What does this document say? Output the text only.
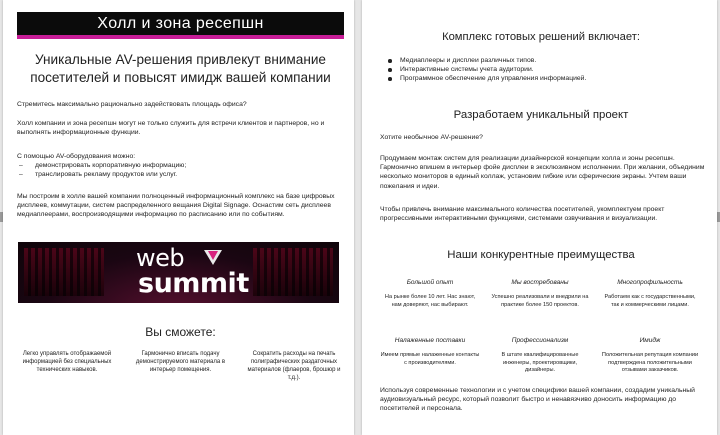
Холл и зона ресепшн
Уникальные AV-решения привлекут внимание посетителей и повысят имидж вашей компании
Стремитесь максимально рационально задействовать площадь офиса?
Холл компании и зона ресепшн могут не только служить для встречи клиентов и партнеров, но и выполнять информационные функции.
С помощью AV-оборудования можно:
– демонстрировать корпоративную информацию;
– транслировать рекламу продуктов или услуг.
Мы построим в холле вашей компании полноценный информационный комплекс на базе цифровых дисплеев, коммутации, систем распределенного вещания Digital Signage. Оснастим сеть дисплеев медиаплеерами, воспроизводящими информацию по расписанию или по событиям.
web
summit
Вы сможете:
Легко управлять отображаемой информацией без специальных технических навыков.
Гармонично вписать подачу демонстрируемого материала в интерьер помещения.
Сократить расходы на печать полиграфических раздаточных материалов (флаеров, брошюр и т.д.).
Комплекс готовых решений включает:
Медиаплееры и дисплеи различных типов.
Интерактивные системы учета аудитории.
Программное обеспечение для управления информацией.
Разработаем уникальный проект
Хотите необычное AV-решение?
Продумаем монтаж систем для реализации дизайнерской концепции холла и зоны ресепшн. Гармонично впишем в интерьер фойе дисплеи в эксклюзивном исполнении. При желании, объединим несколько мониторов в единый коллаж, установим гибкие или сферические экраны. Учтем ваши пожелания и идеи.
Чтобы привлечь внимание максимального количества посетителей, укомплектуем проект прогрессивными интерактивными функциями, системами озвучивания и визуализации.
Наши конкурентные преимущества
Большой опыт
На рынке более 10 лет. Нас знают, нам доверяют, нас выбирают.
Мы востребованы
Успешно реализовали и внедрили на практике более 150 проектов.
Многопрофильность
Работаем как с государственными, так и коммерческими лицами.
Налаженные поставки
Имеем прямые налаженные контакты с производителями.
Профессионализм
В штате квалифицированные инженеры, проектировщики, дизайнеры.
Имидж
Положительная репутация компании подтверждена положительными отзывами заказчиков.
Используя современные технологии и с учетом специфики вашей компании, создадим уникальный аудиовизуальный ресурс, который позволит быстро и ненавязчиво доносить информацию до посетителей и персонала.
